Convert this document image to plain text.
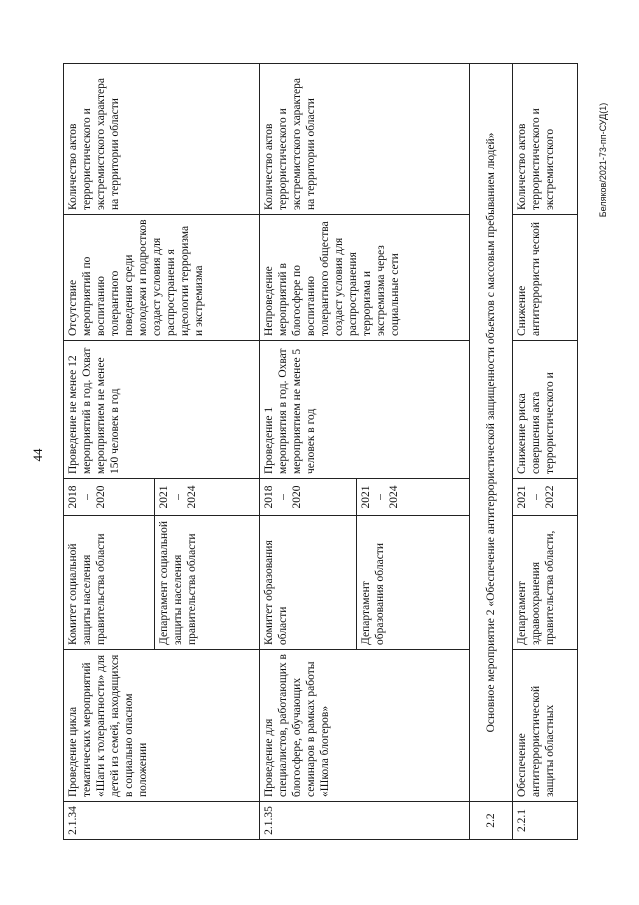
44
Беляков/2021-73-пп-СУД(1)
2.1.34	Проведение цикла тематических мероприятий «Шаги к толерантности» для детей из семей, находящихся в социально опасном положении	Комитет социальной защиты населения правительства области	2018 – 2020	Проведение не менее 12 мероприятий в год. Охват мероприятием не менее 150 человек в год	Отсутствие мероприятий по воспитанию толерантного поведения среди молодежи и подростков создаст условия для распространени я идеологии терроризма и экстремизма	Количество актов террористического и экстремистского характера на территории области
		Департамент социальной защиты населения правительства области	2021 – 2024			

2.1.35	Проведение для специалистов, работающих в блогосфере, обучающих семинаров в рамках работы «Школа блогеров»	Комитет образования области	2018 – 2020	Проведение 1 мероприятия в год. Охват мероприятием не менее 5 человек в год	Непроведение мероприятий в блогосфере по воспитанию толерантного общества создаст условия для распространения терроризма и экстремизма через социальные сети	Количество актов террористического и экстремистского характера на территории области
		Департамент образования области	2021 – 2024			

2.2	Основное мероприятие 2 «Обеспечение антитеррористической защищенности объектов с массовым пребыванием людей»					
2.2.1	Обеспечение антитеррористической защиты областных	Департамент здравоохранения правительства области,	2021 – 2022	Снижение риска совершения акта террористического и	Снижение антитеррористи ческой	Количество актов террористического и экстремистского
